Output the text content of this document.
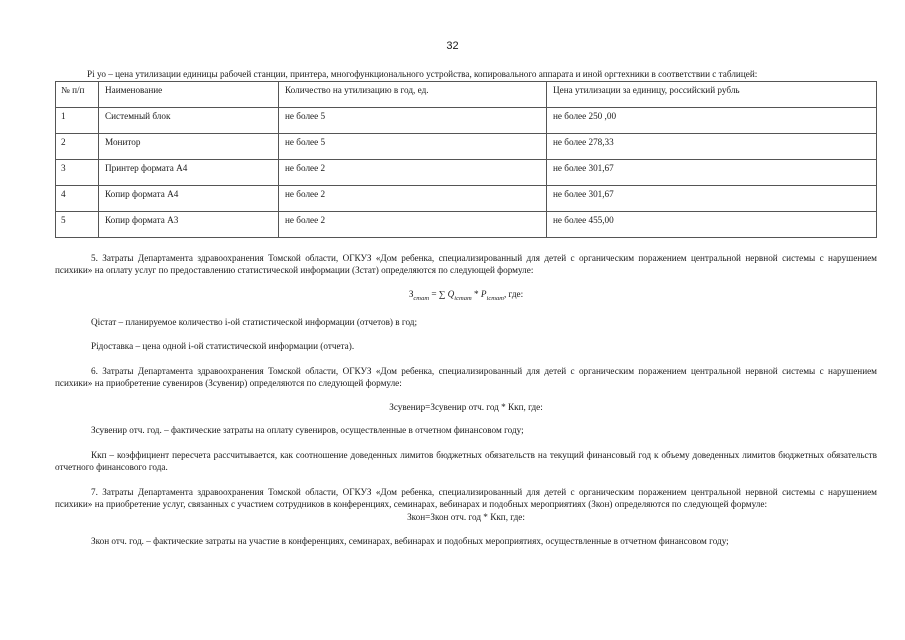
32

Pi уо – цена утилизации единицы рабочей станции, принтера, многофункционального устройства, копировального аппарата и иной оргтехники в соответствии с таблицей:

№ п/п	Наименование	Количество на утилизацию в год, ед.	Цена утилизации за единицу, российский рубль
1	Системный блок	не более 5	не более 250 ,00
2	Монитор	не более 5	не более 278,33
3	Принтер формата А4	не более 2	не более 301,67
4	Копир формата А4	не более 2	не более 301,67
5	Копир формата А3	не более 2	не более 455,00

5. Затраты Департамента здравоохранения Томской области, ОГКУЗ «Дом ребенка, специализированный для детей с органическим поражением центральной нервной системы с нарушением психики» на оплату услуг по предоставлению статистической информации (Зстат) определяются по следующей формуле:

$З_{стат}$ = ∑ $Q_{iстат} * P_{iстат}$, где:

Qiстат – планируемое количество i-ой статистической информации (отчетов) в год;

Piдоставка – цена одной i-ой статистической информации (отчета).

6. Затраты Департамента здравоохранения Томской области, ОГКУЗ «Дом ребенка, специализированный для детей с органическим поражением центральной нервной системы с нарушением психики» на приобретение сувениров (Зсувенир) определяются по следующей формуле:

Зсувенир=Зсувенир отч. год * Ккп, где:

Зсувенир отч. год. – фактические затраты на оплату сувениров, осуществленные в отчетном финансовом году;

Ккп – коэффициент пересчета рассчитывается, как соотношение доведенных лимитов бюджетных обязательств на текущий финансовый год к объему доведенных лимитов бюджетных обязательств отчетного финансового года.

7. Затраты Департамента здравоохранения Томской области, ОГКУЗ «Дом ребенка, специализированный для детей с органическим поражением центральной нервной системы с нарушением психики» на приобретение услуг, связанных с участием сотрудников в конференциях, семинарах, вебинарах и подобных мероприятиях (Зкон) определяются по следующей формуле:

Зкон=Зкон отч. год * Ккп, где:

Зкон отч. год. – фактические затраты на участие в конференциях, семинарах, вебинарах и подобных мероприятиях, осуществленные в отчетном финансовом году;
